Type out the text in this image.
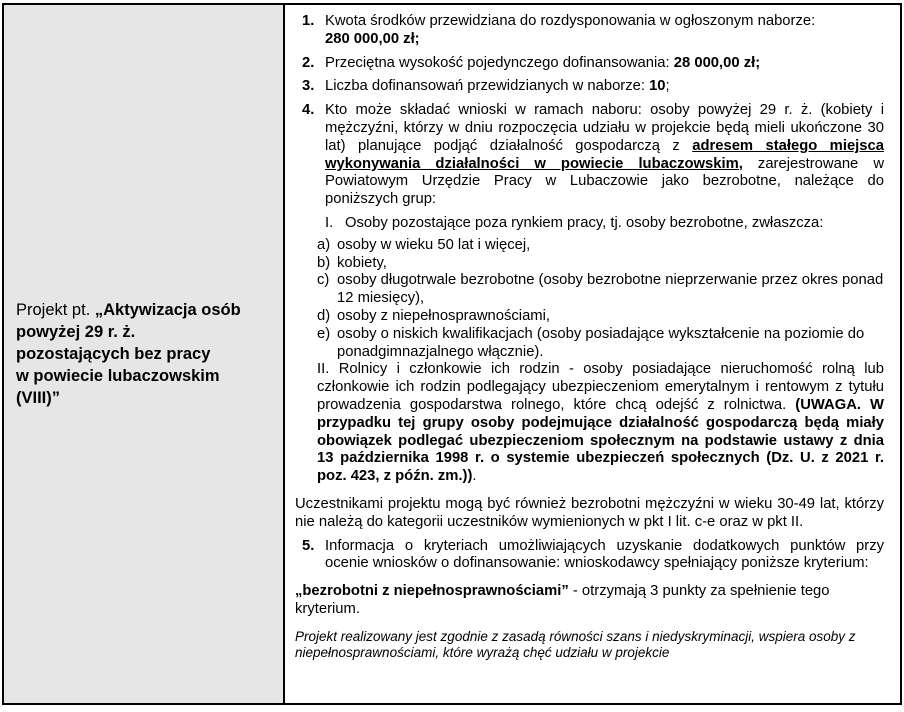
Projekt pt. „Aktywizacja osób
powyżej 29 r. ż.
pozostających bez pracy
w powiecie lubaczowskim
(VIII)”

1. Kwota środków przewidziana do rozdysponowania w ogłoszonym naborze:
280 000,00 zł;
2. Przeciętna wysokość pojedynczego dofinansowania: 28 000,00 zł;
3. Liczba dofinansowań przewidzianych w naborze: 10;
4. Kto może składać wnioski w ramach naboru: osoby powyżej 29 r. ż. (kobiety i mężczyźni, którzy w dniu rozpoczęcia udziału w projekcie będą mieli ukończone 30 lat) planujące podjąć działalność gospodarczą z adresem stałego miejsca wykonywania działalności w powiecie lubaczowskim, zarejestrowane w Powiatowym Urzędzie Pracy w Lubaczowie jako bezrobotne, należące do poniższych grup:
I. Osoby pozostające poza rynkiem pracy, tj. osoby bezrobotne, zwłaszcza:
a) osoby w wieku 50 lat i więcej,
b) kobiety,
c) osoby długotrwale bezrobotne (osoby bezrobotne nieprzerwanie przez okres ponad 12 miesięcy),
d) osoby z niepełnosprawnościami,
e) osoby o niskich kwalifikacjach (osoby posiadające wykształcenie na poziomie do ponadgimnazjalnego włącznie).
II. Rolnicy i członkowie ich rodzin - osoby posiadające nieruchomość rolną lub członkowie ich rodzin podlegający ubezpieczeniom emerytalnym i rentowym z tytułu prowadzenia gospodarstwa rolnego, które chcą odejść z rolnictwa. (UWAGA. W przypadku tej grupy osoby podejmujące działalność gospodarczą będą miały obowiązek podlegać ubezpieczeniom społecznym na podstawie ustawy z dnia 13 października 1998 r. o systemie ubezpieczeń społecznych (Dz. U. z 2021 r. poz. 423, z późn. zm.)).

Uczestnikami projektu mogą być również bezrobotni mężczyźni w wieku 30-49 lat, którzy nie należą do kategorii uczestników wymienionych w pkt I lit. c-e oraz w pkt II.

5. Informacja o kryteriach umożliwiających uzyskanie dodatkowych punktów przy ocenie wniosków o dofinansowanie: wnioskodawcy spełniający poniższe kryterium:

„bezrobotni z niepełnosprawnościami” - otrzymają 3 punkty za spełnienie tego kryterium.

Projekt realizowany jest zgodnie z zasadą równości szans i niedyskryminacji, wspiera osoby z niepełnosprawnościami, które wyrażą chęć udziału w projekcie
